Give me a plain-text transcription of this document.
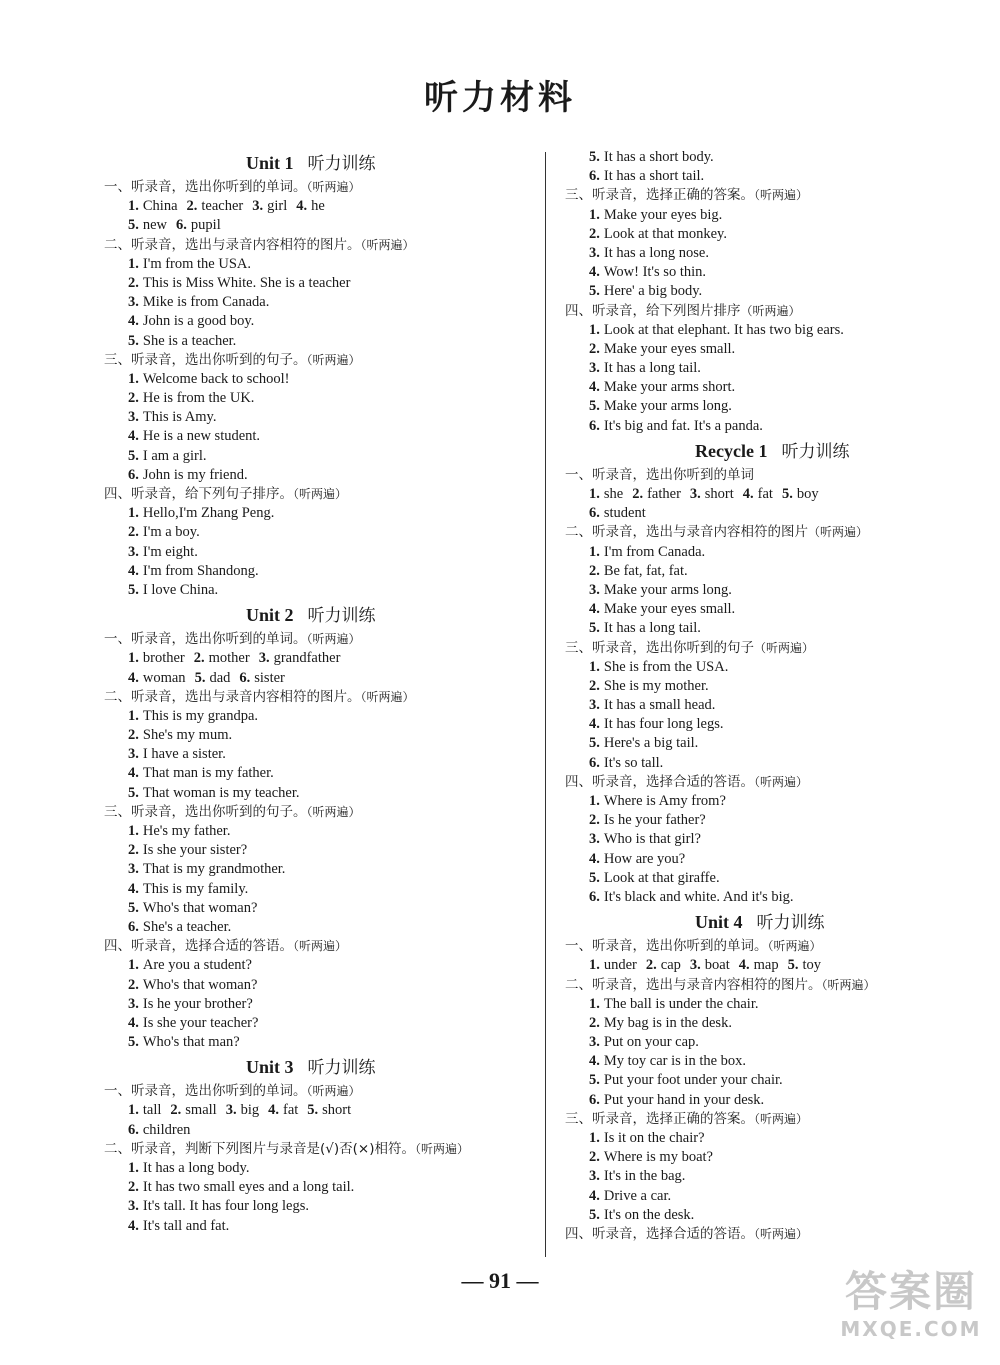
听力材料
Unit 1 听力训练
一、听录音，选出你听到的单词。（听两遍）
1. China 2. teacher 3. girl 4. he
5. new 6. pupil
二、听录音，选出与录音内容相符的图片。（听两遍）
1. I'm from the USA.
2. This is Miss White. She is a teacher
3. Mike is from Canada.
4. John is a good boy.
5. She is a teacher.
三、听录音，选出你听到的句子。（听两遍）
1. Welcome back to school!
2. He is from the UK.
3. This is Amy.
4. He is a new student.
5. I am a girl.
6. John is my friend.
四、听录音，给下列句子排序。（听两遍）
1. Hello,I'm Zhang Peng.
2. I'm a boy.
3. I'm eight.
4. I'm from Shandong.
5. I love China.
Unit 2 听力训练
一、听录音，选出你听到的单词。（听两遍）
1. brother 2. mother 3. grandfather
4. woman 5. dad 6. sister
二、听录音，选出与录音内容相符的图片。（听两遍）
1. This is my grandpa.
2. She's my mum.
3. I have a sister.
4. That man is my father.
5. That woman is my teacher.
三、听录音，选出你听到的句子。（听两遍）
1. He's my father.
2. Is she your sister?
3. That is my grandmother.
4. This is my family.
5. Who's that woman?
6. She's a teacher.
四、听录音，选择合适的答语。（听两遍）
1. Are you a student?
2. Who's that woman?
3. Is he your brother?
4. Is she your teacher?
5. Who's that man?
Unit 3 听力训练
一、听录音，选出你听到的单词。（听两遍）
1. tall 2. small 3. big 4. fat 5. short
6. children
二、听录音，判断下列图片与录音是(√)否(×)相符。（听两遍）
1. It has a long body.
2. It has two small eyes and a long tail.
3. It's tall. It has four long legs.
4. It's tall and fat.
5. It has a short body.
6. It has a short tail.
三、听录音，选择正确的答案。（听两遍）
1. Make your eyes big.
2. Look at that monkey.
3. It has a long nose.
4. Wow! It's so thin.
5. Here' a big body.
四、听录音，给下列图片排序（听两遍）
1. Look at that elephant. It has two big ears.
2. Make your eyes small.
3. It has a long tail.
4. Make your arms short.
5. Make your arms long.
6. It's big and fat. It's a panda.
Recycle 1 听力训练
一、听录音，选出你听到的单词
1. she 2. father 3. short 4. fat 5. boy
6. student
二、听录音，选出与录音内容相符的图片（听两遍）
1. I'm from Canada.
2. Be fat, fat, fat.
3. Make your arms long.
4. Make your eyes small.
5. It has a long tail.
三、听录音，选出你听到的句子（听两遍）
1. She is from the USA.
2. She is my mother.
3. It has a small head.
4. It has four long legs.
5. Here's a big tail.
6. It's so tall.
四、听录音，选择合适的答语。（听两遍）
1. Where is Amy from?
2. Is he your father?
3. Who is that girl?
4. How are you?
5. Look at that giraffe.
6. It's black and white. And it's big.
Unit 4 听力训练
一、听录音，选出你听到的单词。（听两遍）
1. under 2. cap 3. boat 4. map 5. toy
二、听录音，选出与录音内容相符的图片。（听两遍）
1. The ball is under the chair.
2. My bag is in the desk.
3. Put on your cap.
4. My toy car is in the box.
5. Put your foot under your chair.
6. Put your hand in your desk.
三、听录音，选择正确的答案。（听两遍）
1. Is it on the chair?
2. Where is my boat?
3. It's in the bag.
4. Drive a car.
5. It's on the desk.
四、听录音，选择合适的答语。（听两遍）
— 91 —	答案圈
MXQE.COM
